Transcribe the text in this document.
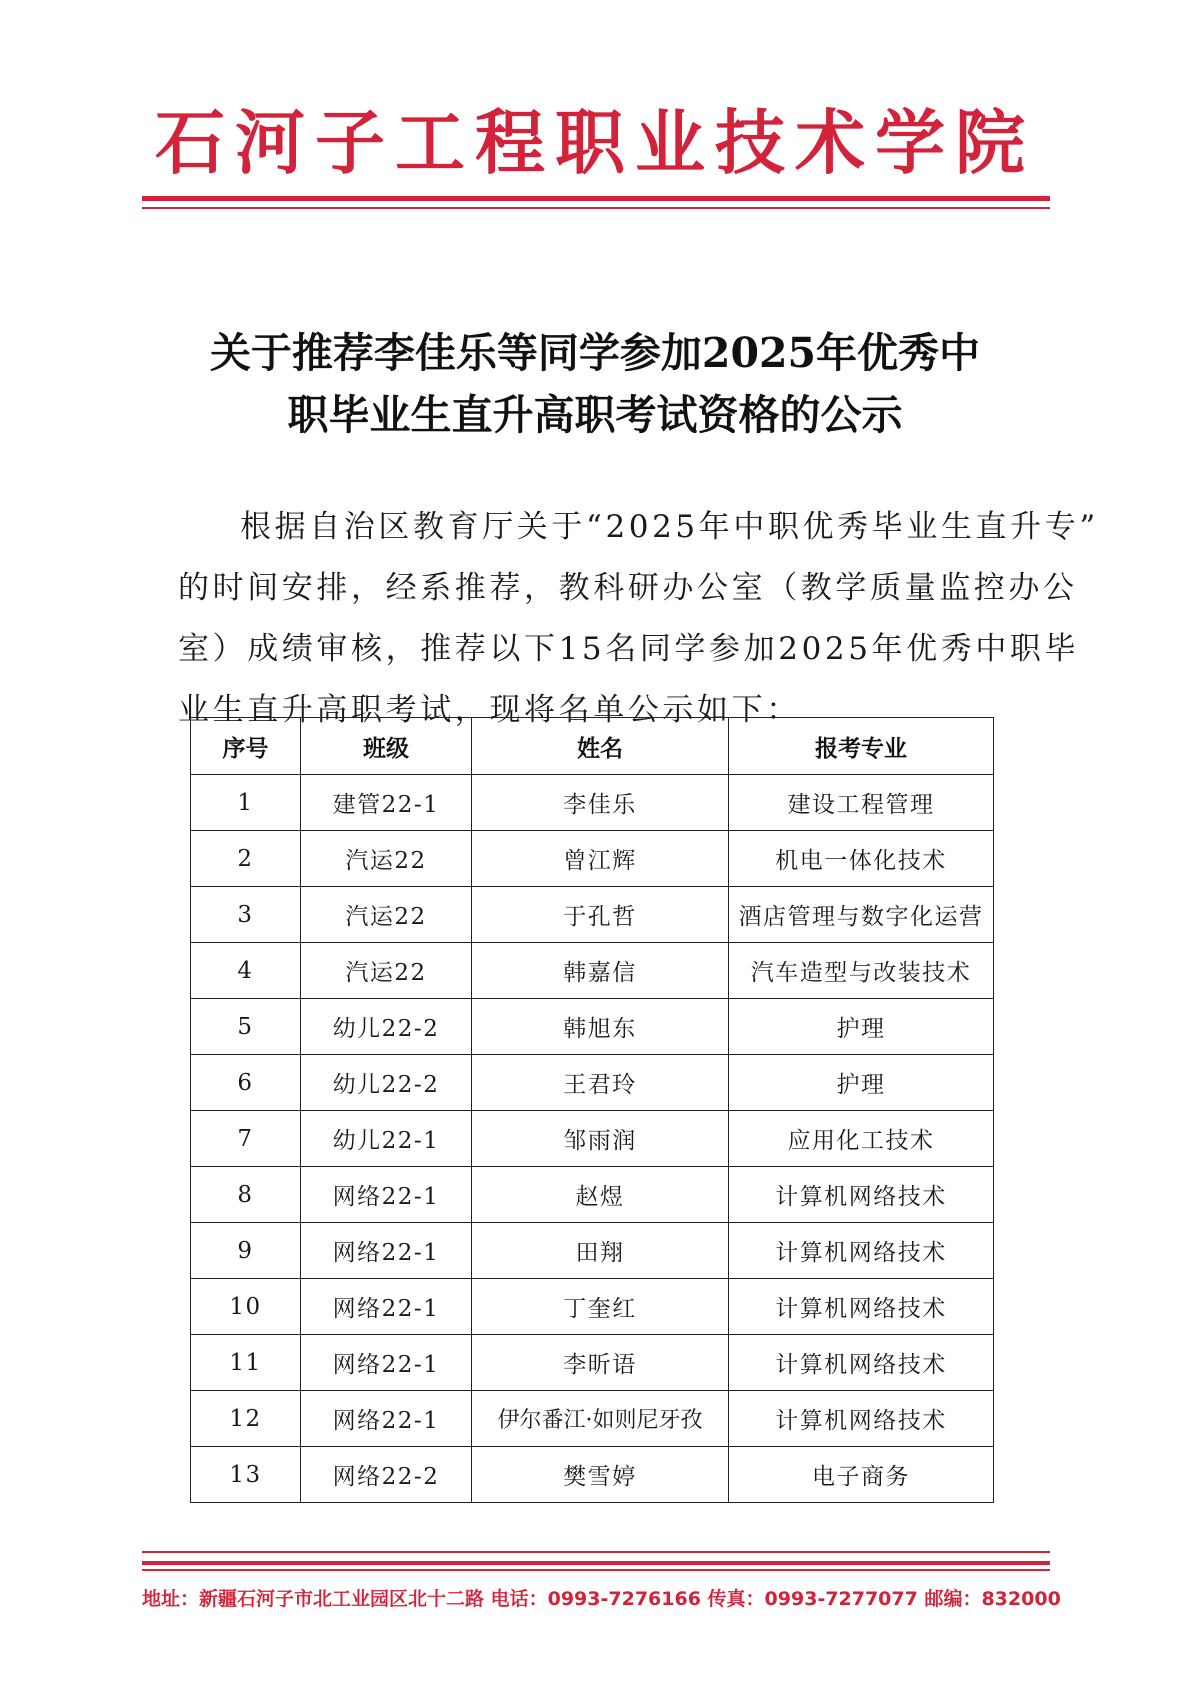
石河子工程职业技术学院
关于推荐李佳乐等同学参加2025年优秀中
职毕业生直升高职考试资格的公示
根据自治区教育厅关于“2025年中职优秀毕业生直升专”
的时间安排，经系推荐，教科研办公室（教学质量监控办公
室）成绩审核，推荐以下15名同学参加2025年优秀中职毕
业生直升高职考试，现将名单公示如下：
序号	班级	姓名	报考专业
1	建管22-1	李佳乐	建设工程管理
2	汽运22	曾江辉	机电一体化技术
3	汽运22	于孔哲	酒店管理与数字化运营
4	汽运22	韩嘉信	汽车造型与改装技术
5	幼儿22-2	韩旭东	护理
6	幼儿22-2	王君玲	护理
7	幼儿22-1	邹雨润	应用化工技术
8	网络22-1	赵煜	计算机网络技术
9	网络22-1	田翔	计算机网络技术
10	网络22-1	丁奎红	计算机网络技术
11	网络22-1	李昕语	计算机网络技术
12	网络22-1	伊尔番江·如则尼牙孜	计算机网络技术
13	网络22-2	樊雪婷	电子商务
地址：新疆石河子市北工业园区北十二路 电话：0993-7276166 传真：0993-7277077 邮编：832000
